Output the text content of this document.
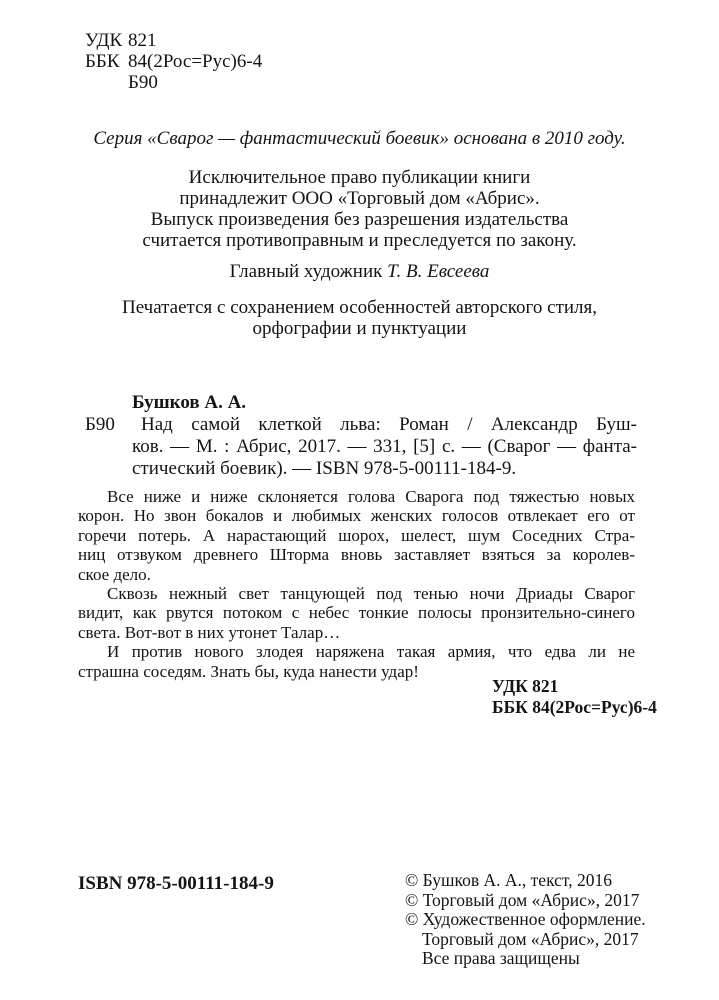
УДК 821
ББК 84(2Рос=Рус)6-4
Б90
Серия «Сварог — фантастический боевик» основана в 2010 году.
Исключительное право публикации книги
принадлежит ООО «Торговый дом «Абрис».
Выпуск произведения без разрешения издательства
считается противоправным и преследуется по закону.
Главный художник Т. В. Евсеева
Печатается с сохранением особенностей авторского стиля,
орфографии и пунктуации
Бушков А. А.
Б90	Над самой клеткой льва: Роман / Александр Буш-
ков. — М. : Абрис, 2017. — 331, [5] с. — (Сварог — фанта-
стический боевик). — ISBN 978-5-00111-184-9.
Все ниже и ниже склоняется голова Сварога под тяжестью новых
корон. Но звон бокалов и любимых женских голосов отвлекает его от
горечи потерь. А нарастающий шорох, шелест, шум Соседних Стра-
ниц отзвуком древнего Шторма вновь заставляет взяться за королев-
ское дело.
Сквозь нежный свет танцующей под тенью ночи Дриады Сварог
видит, как рвутся потоком с небес тонкие полосы пронзительно-синего
света. Вот-вот в них утонет Талар…
И против нового злодея наряжена такая армия, что едва ли не
страшна соседям. Знать бы, куда нанести удар!
УДК 821
ББК 84(2Рос=Рус)6-4
ISBN 978-5-00111-184-9	© Бушков А. А., текст, 2016
© Торговый дом «Абрис», 2017
© Художественное оформление.
Торговый дом «Абрис», 2017
Все права защищены
